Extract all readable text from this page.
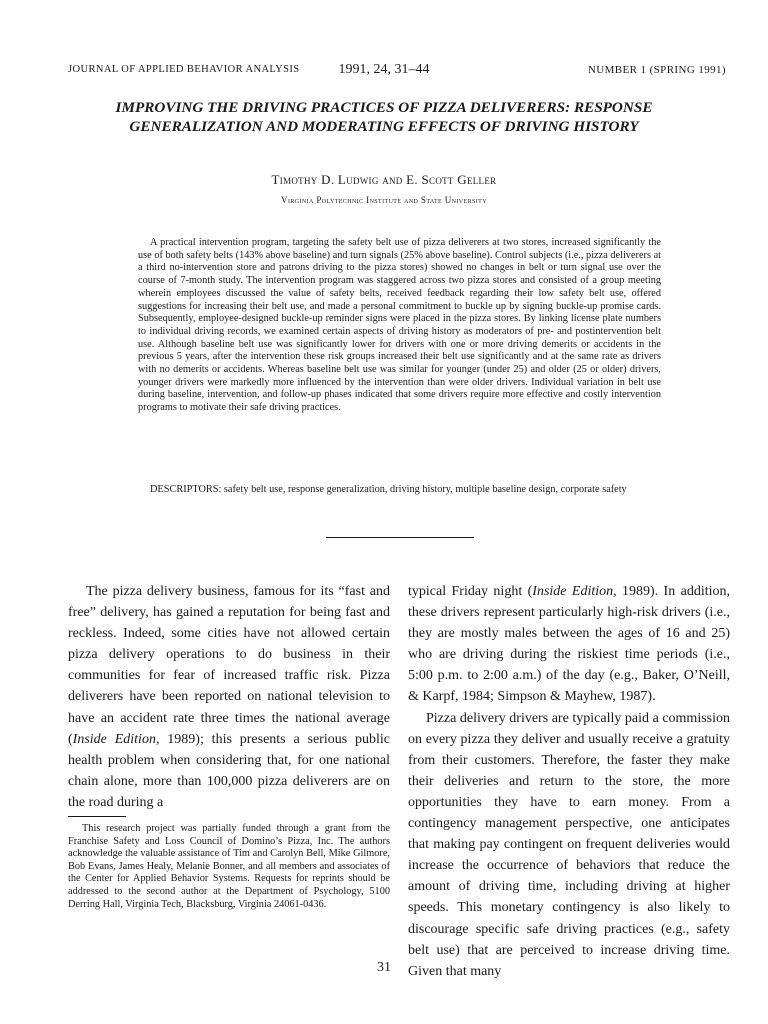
JOURNAL OF APPLIED BEHAVIOR ANALYSIS	1991, 24, 31–44	NUMBER 1 (SPRING 1991)
IMPROVING THE DRIVING PRACTICES OF PIZZA DELIVERERS: RESPONSE GENERALIZATION AND MODERATING EFFECTS OF DRIVING HISTORY
Timothy D. Ludwig and E. Scott Geller
Virginia Polytechnic Institute and State University
A practical intervention program, targeting the safety belt use of pizza deliverers at two stores, increased significantly the use of both safety belts (143% above baseline) and turn signals (25% above baseline). Control subjects (i.e., pizza deliverers at a third no-intervention store and patrons driving to the pizza stores) showed no changes in belt or turn signal use over the course of 7-month study. The intervention program was staggered across two pizza stores and consisted of a group meeting wherein employees discussed the value of safety belts, received feedback regarding their low safety belt use, offered suggestions for increasing their belt use, and made a personal commitment to buckle up by signing buckle-up promise cards. Subsequently, employee-designed buckle-up reminder signs were placed in the pizza stores. By linking license plate numbers to individual driving records, we examined certain aspects of driving history as moderators of pre- and postintervention belt use. Although baseline belt use was significantly lower for drivers with one or more driving demerits or accidents in the previous 5 years, after the intervention these risk groups increased their belt use significantly and at the same rate as drivers with no demerits or accidents. Whereas baseline belt use was similar for younger (under 25) and older (25 or older) drivers, younger drivers were markedly more influenced by the intervention than were older drivers. Individual variation in belt use during baseline, intervention, and follow-up phases indicated that some drivers require more effective and costly intervention programs to motivate their safe driving practices.
DESCRIPTORS: safety belt use, response generalization, driving history, multiple baseline design, corporate safety

The pizza delivery business, famous for its “fast and free” delivery, has gained a reputation for being fast and reckless. Indeed, some cities have not allowed certain pizza delivery operations to do business in their communities for fear of increased traffic risk. Pizza deliverers have been reported on national television to have an accident rate three times the national average (Inside Edition, 1989); this presents a serious public health problem when considering that, for one national chain alone, more than 100,000 pizza deliverers are on the road during a

typical Friday night (Inside Edition, 1989). In addition, these drivers represent particularly high-risk drivers (i.e., they are mostly males between the ages of 16 and 25) who are driving during the riskiest time periods (i.e., 5:00 p.m. to 2:00 a.m.) of the day (e.g., Baker, O’Neill, & Karpf, 1984; Simpson & Mayhew, 1987).

Pizza delivery drivers are typically paid a commission on every pizza they deliver and usually receive a gratuity from their customers. Therefore, the faster they make their deliveries and return to the store, the more opportunities they have to earn money. From a contingency management perspective, one anticipates that making pay contingent on frequent deliveries would increase the occurrence of behaviors that reduce the amount of driving time, including driving at higher speeds. This monetary contingency is also likely to discourage specific safe driving practices (e.g., safety belt use) that are perceived to increase driving time. Given that many

This research project was partially funded through a grant from the Franchise Safety and Loss Council of Domino’s Pizza, Inc. The authors acknowledge the valuable assistance of Tim and Carolyn Bell, Mike Gilmore, Bob Evans, James Healy, Melanie Bonner, and all members and associates of the Center for Applied Behavior Systems. Requests for reprints should be addressed to the second author at the Department of Psychology, 5100 Derring Hall, Virginia Tech, Blacksburg, Virginia 24061-0436.
31
